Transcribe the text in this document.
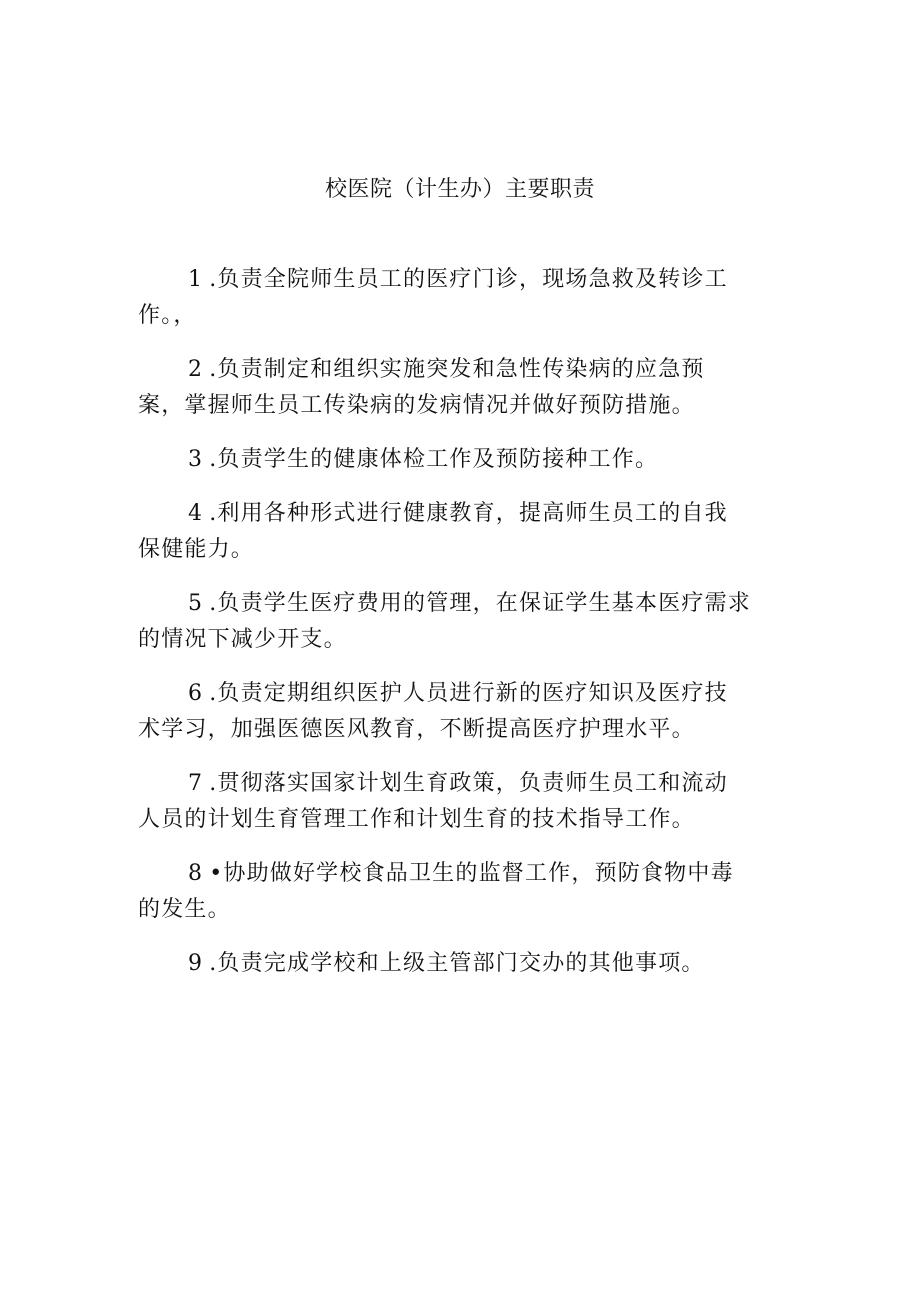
校医院（计生办）主要职责
1 .负责全院师生员工的医疗门诊，现场急救及转诊工
作。，
2 .负责制定和组织实施突发和急性传染病的应急预
案，掌握师生员工传染病的发病情况并做好预防措施。
3 .负责学生的健康体检工作及预防接种工作。
4 .利用各种形式进行健康教育，提高师生员工的自我
保健能力。
5 .负责学生医疗费用的管理，在保证学生基本医疗需求
的情况下减少开支。
6 .负责定期组织医护人员进行新的医疗知识及医疗技
术学习，加强医德医风教育，不断提高医疗护理水平。
7 .贯彻落实国家计划生育政策，负责师生员工和流动
人员的计划生育管理工作和计划生育的技术指导工作。
8 •协助做好学校食品卫生的监督工作，预防食物中毒
的发生。
9 .负责完成学校和上级主管部门交办的其他事项。
